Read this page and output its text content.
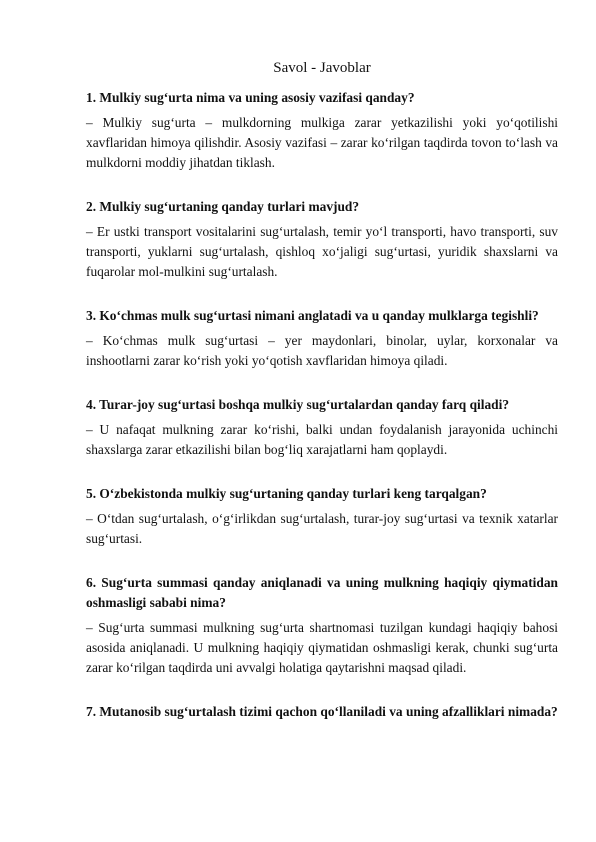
Savol - Javoblar

1. Mulkiy sug‘urta nima va uning asosiy vazifasi qanday?

– Mulkiy sug‘urta – mulkdorning mulkiga zarar yetkazilishi yoki yo‘qotilishi xavflaridan himoya qilishdir. Asosiy vazifasi – zarar ko‘rilgan taqdirda tovon to‘lash va mulkdorni moddiy jihatdan tiklash.

2. Mulkiy sug‘urtaning qanday turlari mavjud?

– Er ustki transport vositalarini sug‘urtalash, temir yo‘l transporti, havo transporti, suv transporti, yuklarni sug‘urtalash, qishloq xo‘jaligi sug‘urtasi, yuridik shaxslarni va fuqarolar mol-mulkini sug‘urtalash.

3. Ko‘chmas mulk sug‘urtasi nimani anglatadi va u qanday mulklarga tegishli?

– Ko‘chmas mulk sug‘urtasi – yer maydonlari, binolar, uylar, korxonalar va inshootlarni zarar ko‘rish yoki yo‘qotish xavflaridan himoya qiladi.

4. Turar-joy sug‘urtasi boshqa mulkiy sug‘urtalardan qanday farq qiladi?

– U nafaqat mulkning zarar ko‘rishi, balki undan foydalanish jarayonida uchinchi shaxslarga zarar etkazilishi bilan bog‘liq xarajatlarni ham qoplaydi.

5. O‘zbekistonda mulkiy sug‘urtaning qanday turlari keng tarqalgan?

– O‘tdan sug‘urtalash, o‘g‘irlikdan sug‘urtalash, turar-joy sug‘urtasi va texnik xatarlar sug‘urtasi.

6. Sug‘urta summasi qanday aniqlanadi va uning mulkning haqiqiy qiymatidan oshmasligi sababi nima?

– Sug‘urta summasi mulkning sug‘urta shartnomasi tuzilgan kundagi haqiqiy bahosi asosida aniqlanadi. U mulkning haqiqiy qiymatidan oshmasligi kerak, chunki sug‘urta zarar ko‘rilgan taqdirda uni avvalgi holatiga qaytarishni maqsad qiladi.

7. Mutanosib sug‘urtalash tizimi qachon qo‘llaniladi va uning afzalliklari nimada?
